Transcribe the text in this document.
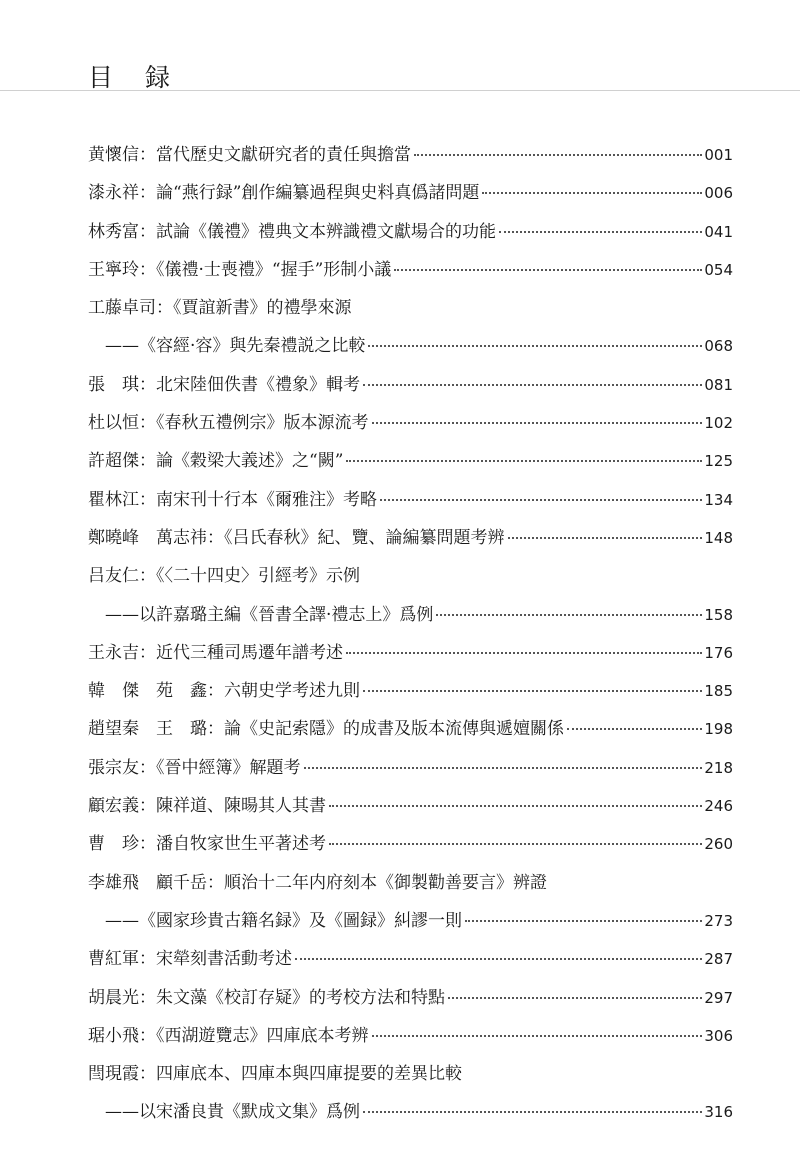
目 録
黄懷信：當代歷史文獻研究者的責任與擔當	001
漆永祥：論“燕行録”創作編纂過程與史料真僞諸問題	006
林秀富：試論《儀禮》禮典文本辨識禮文獻場合的功能	041
王寧玲：《儀禮·士喪禮》“握手”形制小議	054
工藤卓司：《賈誼新書》的禮學來源
——《容經·容》與先秦禮説之比較	068
張　琪：北宋陸佃佚書《禮象》輯考	081
杜以恒：《春秋五禮例宗》版本源流考	102
許超傑：論《穀梁大義述》之“闕”	125
瞿林江：南宋刊十行本《爾雅注》考略	134
鄭曉峰　萬志祎：《吕氏春秋》紀、覽、論編纂問題考辨	148
吕友仁：《〈二十四史〉引經考》示例
——以許嘉璐主編《晉書全譯·禮志上》爲例	158
王永吉：近代三種司馬遷年譜考述	176
韓　傑　苑　鑫：六朝史学考述九則	185
趙望秦　王　璐：論《史記索隱》的成書及版本流傳與遞嬗關係	198
張宗友：《晉中經簿》解題考	218
顧宏義：陳祥道、陳暘其人其書	246
曹　珍：潘自牧家世生平著述考	260
李雄飛　顧千岳：順治十二年内府刻本《御製勸善要言》辨證
——《國家珍貴古籍名録》及《圖録》糾謬一則	273
曹紅軍：宋犖刻書活動考述	287
胡晨光：朱文藻《校訂存疑》的考校方法和特點	297
琚小飛：《西湖遊覽志》四庫底本考辨	306
閆現霞：四庫底本、四庫本與四庫提要的差異比較
——以宋潘良貴《默成文集》爲例	316
